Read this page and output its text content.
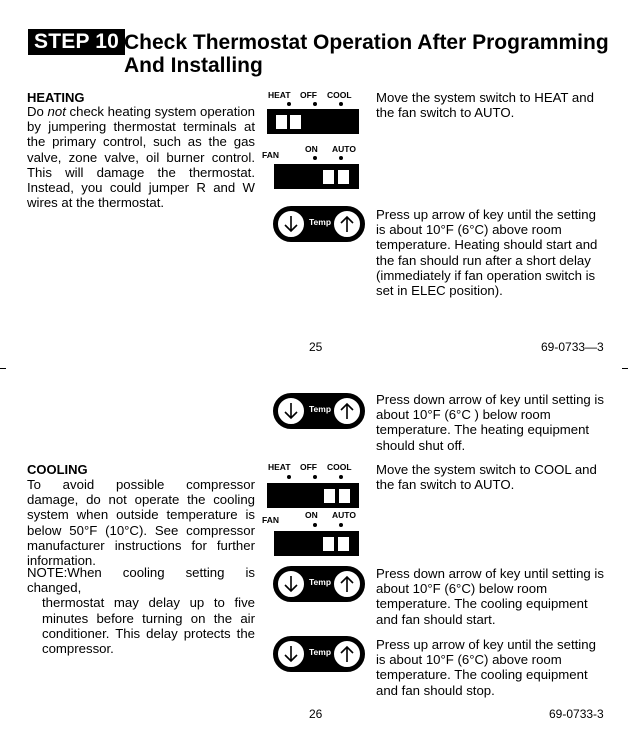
STEP 10 Check Thermostat Operation After Programming
And Installing
HEATING
Do not check heating system operation by jumpering thermostat terminals at the primary control, such as the gas valve, zone valve, oil burner control. This will damage the thermostat. Instead, you could jumper R and W wires at the thermostat.
HEAT OFF COOL
FAN
ON AUTO
Move the system switch to HEAT and the fan switch to AUTO.
Temp	Press up arrow of key until the setting is about 10°F (6°C) above room temperature. Heating should start and the fan should run after a short delay (immediately if fan operation switch is set in ELEC position).
25	69-0733—3
Temp
Press down arrow of key until setting is about 10°F (6°C ) below room temperature. The heating equipment should shut off.
COOLING
To avoid possible compressor damage, do not operate the cooling system when outside temperature is below 50°F (10°C). See compressor manufacturer instructions for further information.
NOTE:When cooling setting is changed,
thermostat may delay up to five minutes before turning on the air conditioner. This delay protects the compressor.
HEAT OFF COOL
FAN	ON AUTO
Move the system switch to COOL and the fan switch to AUTO.
Temp
Press down arrow of key until setting is about 10°F (6°C) below room temperature. The cooling equipment and fan should start.
Temp	Press up arrow of key until the setting is about 10°F (6°C) above room temperature. The cooling equipment and fan should stop.
26	69-0733-3
